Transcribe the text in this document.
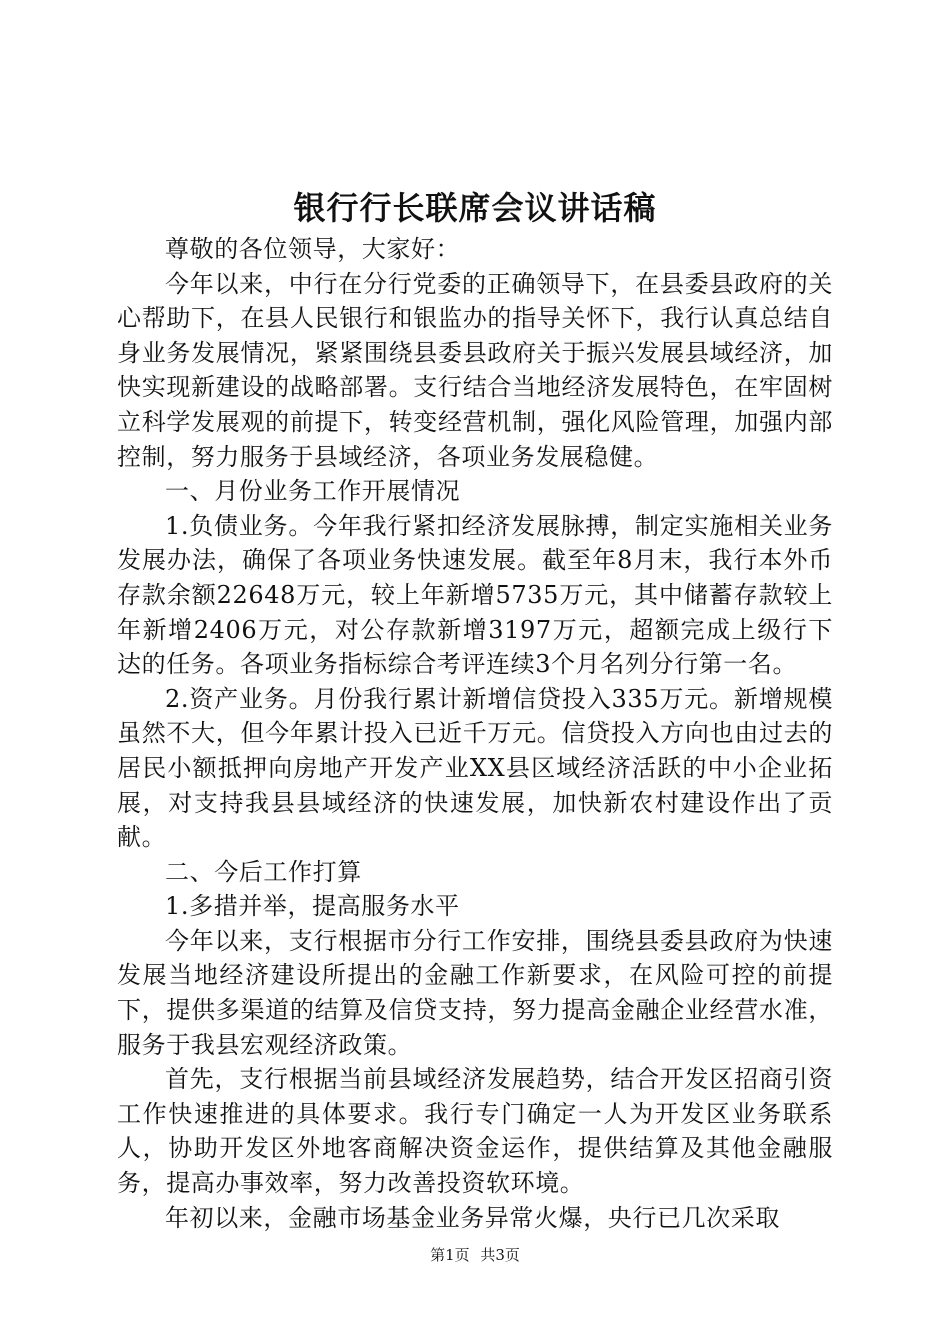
银行行长联席会议讲话稿

尊敬的各位领导，大家好：

今年以来，中行在分行党委的正确领导下，在县委县政府的关心帮助下，在县人民银行和银监办的指导关怀下，我行认真总结自身业务发展情况，紧紧围绕县委县政府关于振兴发展县域经济，加快实现新建设的战略部署。支行结合当地经济发展特色，在牢固树立科学发展观的前提下，转变经营机制，强化风险管理，加强内部控制，努力服务于县域经济，各项业务发展稳健。

一、月份业务工作开展情况

1.负债业务。今年我行紧扣经济发展脉搏，制定实施相关业务发展办法，确保了各项业务快速发展。截至年8月末，我行本外币存款余额22648万元，较上年新增5735万元，其中储蓄存款较上年新增2406万元，对公存款新增3197万元，超额完成上级行下达的任务。各项业务指标综合考评连续3个月名列分行第一名。

2.资产业务。月份我行累计新增信贷投入335万元。新增规模虽然不大，但今年累计投入已近千万元。信贷投入方向也由过去的居民小额抵押向房地产开发产业XX县区域经济活跃的中小企业拓展，对支持我县县域经济的快速发展，加快新农村建设作出了贡献。

二、今后工作打算

1.多措并举，提高服务水平

今年以来，支行根据市分行工作安排，围绕县委县政府为快速发展当地经济建设所提出的金融工作新要求，在风险可控的前提下，提供多渠道的结算及信贷支持，努力提高金融企业经营水准，服务于我县宏观经济政策。

首先，支行根据当前县域经济发展趋势，结合开发区招商引资工作快速推进的具体要求。我行专门确定一人为开发区业务联系人，协助开发区外地客商解决资金运作，提供结算及其他金融服务，提高办事效率，努力改善投资软环境。

年初以来，金融市场基金业务异常火爆，央行已几次采取

第1页 共3页
